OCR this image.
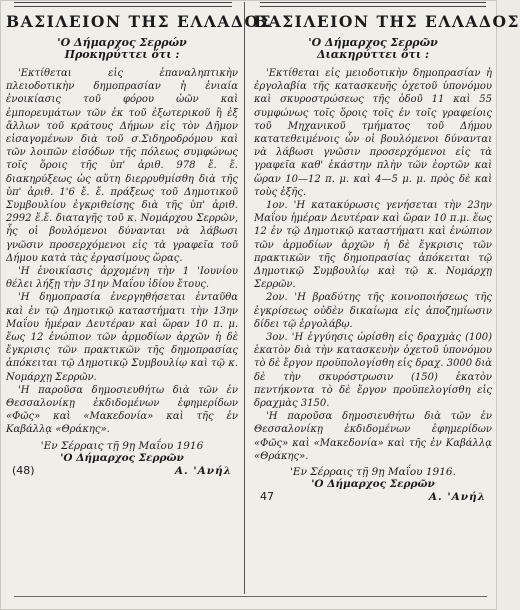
ΒΑΣΙΛΕΙΟΝ ΤΗΣ ΕΛΛΑΔΟΣ
'Ο Δήμαρχος Σερρών
Προκηρύττει ὅτι :

'Εκτίθεται εἰς ἐπαναληπτικὴν πλειοδοτικὴν δημοπρασίαν ἡ ἐνιαία ἐνοικίασις τοῦ φόρου ὠῶν καὶ ἐμπορευμάτων τῶν ἐκ τοῦ ἐξωτερικοῦ ἢ ἐξ ἄλλων τοῦ κράτους Δήμων εἰς τὸν Δῆμον εἰσαγομένων διὰ τοῦ σ.Σιδηροδρόμου καὶ τῶν λοιπῶν εἰσόδων τῆς πόλεως συμφώνως τοῖς ὅροις τῆς ὑπ' ἀριθ. 978 ἔ. ἔ. διακηρύξεως ὡς αὕτη διερρυθμίσθη διὰ τῆς ὑπ' ἀριθ. 1'6 ἔ. ἔ. πράξεως τοῦ Δημοτικοῦ Συμβουλίου ἐγκριθείσης διὰ τῆς ὑπ' ἀριθ. 2992 ἔ.ἔ. διαταγῆς τοῦ κ. Νομάρχου Σερρῶν, ἧς οἱ βουλόμενοι δύνανται νὰ λάβωσι γνῶσιν προσερχόμενοι εἰς τὰ γραφεῖα τοῦ Δήμου κατὰ τὰς ἐργασίμους ὥρας.

'Η ἐνοικίασις ἀρχομένη τὴν 1 'Ιουνίου θέλει λήξῃ τὴν 31ην Μαΐου ἰδίου ἔτους.

'Η δημοπρασία ἐνεργηθήσεται ἐνταῦθα καὶ ἐν τῷ Δημοτικῷ καταστήματι τὴν 13ην Μαΐου ἡμέραν Δευτέραν καὶ ὥραν 10 π. μ. ἕως 12 ἐνώπιον τῶν ἁρμοδίων ἀρχῶν ἡ δὲ ἔγκρισις τῶν πρακτικῶν τῆς δημοπρασίας ἀπόκειται τῷ Δημοτικῷ Συμβουλίῳ καὶ τῷ κ. Νομάρχῃ Σερρῶν.

'Η παροῦσα δημοσιευθήτω διὰ τῶν ἐν Θεσσαλονίκῃ ἐκδιδομένων ἐφημερίδων «Φῶς» καὶ «Μακεδονία» καὶ τῆς ἐν Καβάλλᾳ «Θράκης».

'Εν Σέρραις τῇ 9ῃ Μαΐου 1916
'Ο Δήμαρχος Σερρῶν
(48)	Α. 'Ανήλ
ΒΑΣΙΛΕΙΟΝ ΤΗΣ ΕΛΛΑΔΟΣ
'Ο Δήμαρχος Σερρῶν
Διακηρύττει ὅτι :

'Εκτίθεται εἰς μειοδοτικὴν δημοπρασίαν ἡ ἐργολαβία τῆς κατασκευῆς ὀχετοῦ ὑπονόμου καὶ σκυροστρώσεως τῆς ὁδοῦ 11 καὶ 55 συμφώνως τοῖς ὅροις τοῖς ἐν τοῖς γραφείοις τοῦ Μηχανικοῦ τμήματος τοῦ Δήμου κατατεθειμένοις ὧν οἱ βουλόμενοι δύνανται νὰ λάβωσι γνῶσιν προσερχόμενοι εἰς τὰ γραφεῖα καθ' ἑκάστην πλὴν τῶν ἑορτῶν καὶ ὥραν 10—12 π. μ. καὶ 4—5 μ. μ. πρὸς δὲ καὶ τοὺς ἑξῆς.

1ον. 'Η κατακύρωσις γενήσεται τὴν 23ην Μαΐου ἡμέραν Δευτέραν καὶ ὥραν 10 π.μ. ἕως 12 ἐν τῷ Δημοτικῷ καταστήματι καὶ ἐνώπιον τῶν ἁρμοδίων ἀρχῶν ἡ δὲ ἔγκρισις τῶν πρακτικῶν τῆς δημοπρασίας ἀπόκειται τῷ Δημοτικῷ Συμβουλίῳ καὶ τῷ κ. Νομάρχῃ Σερρῶν.

2ον. 'Η βραδύτης τῆς κοινοποιήσεως τῆς ἐγκρίσεως οὐδὲν δικαίωμα εἰς ἀποζημίωσιν δίδει τῷ ἐργολάβῳ.

3ον. 'Η ἐγγύησις ὡρίσθη εἰς δραχμὰς (100) ἑκατὸν διὰ τὴν κατασκευὴν ὀχετοῦ ὑπονόμου τὸ δὲ ἔργον προϋπολογίσθη εἰς δραχ. 3000 διὰ δὲ τὴν σκυρόστρωσιν (150) ἑκατὸν πεντήκοντα τὸ δὲ ἔργον προϋπελογίσθη εἰς δραχμὰς 3150.

'Η παροῦσα δημοσιευθήτω διὰ τῶν ἐν Θεσσαλονίκῃ ἐκδιδομένων ἐφημερίδων «Φῶς» καὶ «Μακεδονία» καὶ τῆς ἐν Καβάλλᾳ «Θράκης».

'Εν Σέρραις τῇ 9ῃ Μαΐου 1916.
'Ο Δήμαρχος Σερρῶν
47	Α. 'Ανήλ
